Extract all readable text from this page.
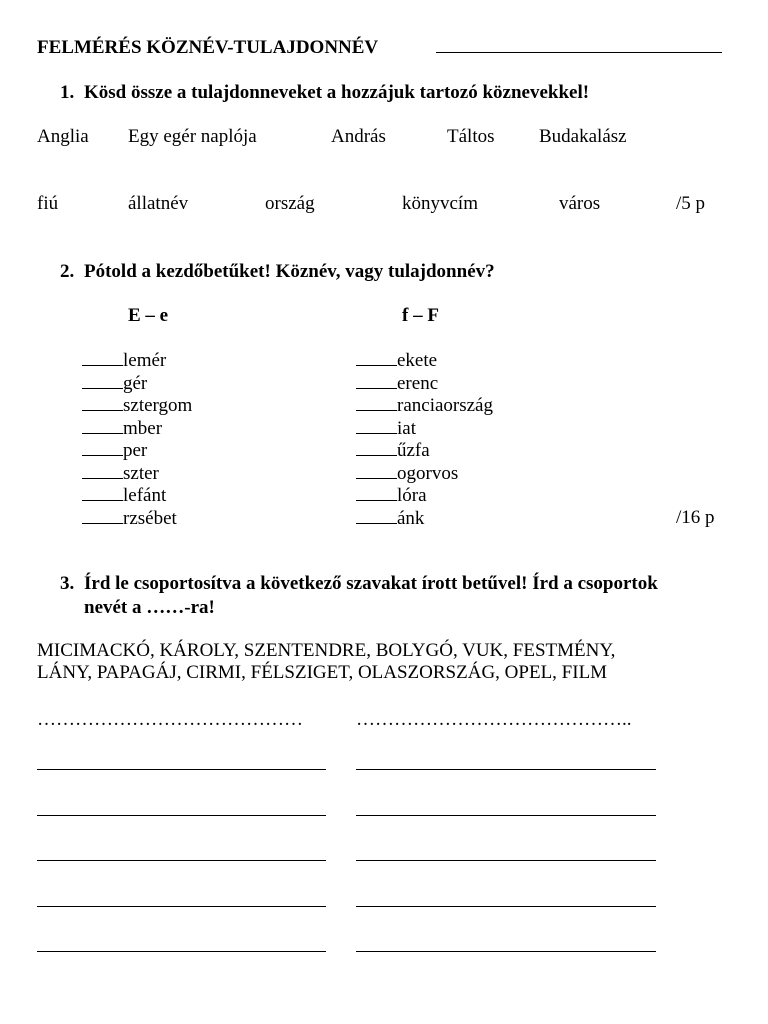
FELMÉRÉS KÖZNÉV-TULAJDONNÉV
1. Kösd össze a tulajdonneveket a hozzájuk tartozó köznevekkel!
Anglia Egy egér naplója	András	Táltos Budakalász
fiú	állatnév	ország	könyvcím	város	/5 p
2. Pótold a kezdőbetűket! Köznév, vagy tulajdonnév?
E – e	f – F
lemér
gér
sztergom
mber
per
szter
lefánt
rzsébet
ekete
erenc
ranciaország
iat
űzfa
ogorvos
lóra
ánk	/16 p
3. Írd le csoportosítva a következő szavakat írott betűvel! Írd a csoportok
nevét a ……-ra!
MICIMACKÓ, KÁROLY, SZENTENDRE, BOLYGÓ, VUK, FESTMÉNY,
LÁNY, PAPAGÁJ, CIRMI, FÉLSZIGET, OLASZORSZÁG, OPEL, FILM
……………………………………	……………………………………..
